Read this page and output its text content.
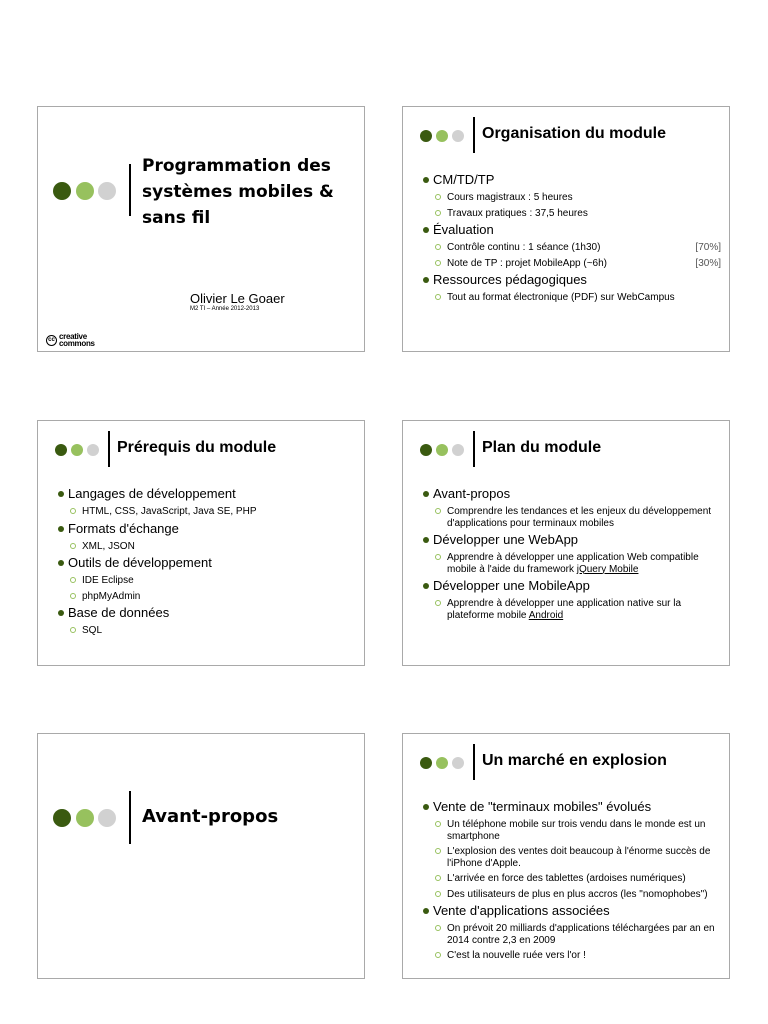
Programmation des
systèmes mobiles &
sans fil
Olivier Le Goaer
M2 TI – Année 2012-2013
cc creative
commons
Organisation du module
CM/TD/TP
Cours magistraux : 5 heures
Travaux pratiques : 37,5 heures
Évaluation
Contrôle continu : 1 séance (1h30)	[70%]
Note de TP : projet MobileApp (~6h)	[30%]
Ressources pédagogiques
Tout au format électronique (PDF) sur WebCampus
Prérequis du module
Langages de développement
HTML, CSS, JavaScript, Java SE, PHP
Formats d'échange
XML, JSON
Outils de développement
IDE Eclipse
phpMyAdmin
Base de données
SQL
Plan du module
Avant-propos
Comprendre les tendances et les enjeux du développement d'applications pour terminaux mobiles
Développer une WebApp
Apprendre à développer une application Web compatible mobile à l'aide du framework jQuery Mobile
Développer une MobileApp
Apprendre à développer une application native sur la plateforme mobile Android
Avant-propos
Un marché en explosion
Vente de "terminaux mobiles" évolués
Un téléphone mobile sur trois vendu dans le monde est un smartphone
L'explosion des ventes doit beaucoup à l'énorme succès de l'iPhone d'Apple.
L'arrivée en force des tablettes (ardoises numériques)
Des utilisateurs de plus en plus accros (les "nomophobes")
Vente d'applications associées
On prévoit 20 milliards d'applications téléchargées par an en 2014 contre 2,3 en 2009
C'est la nouvelle ruée vers l'or !
